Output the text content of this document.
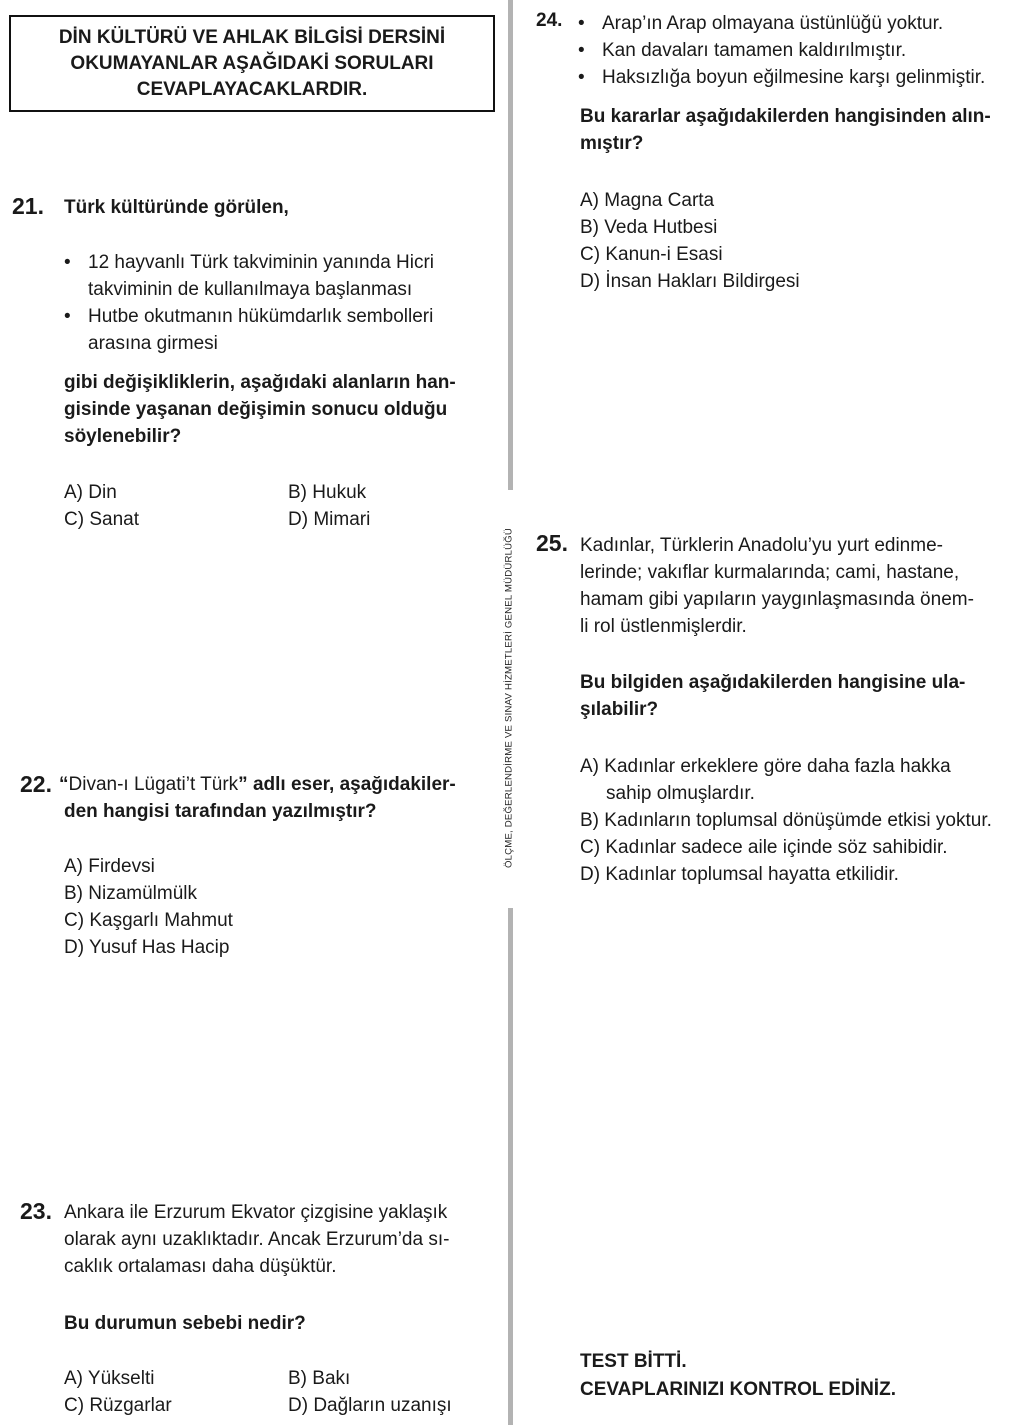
DİN KÜLTÜRÜ VE AHLAK BİLGİSİ DERSİNİ
OKUMAYANLAR AŞAĞIDAKİ SORULARI
CEVAPLAYACAKLARDIR.
ÖLÇME, DEĞERLENDİRME VE SINAV HİZMETLERİ GENEL MÜDÜRLÜĞÜ
21. Türk kültüründe görülen,
• 12 hayvanlı Türk takviminin yanında Hicri
takviminin de kullanılmaya başlanması
• Hutbe okutmanın hükümdarlık sembolleri
arasına girmesi
gibi değişikliklerin, aşağıdaki alanların han-
gisinde yaşanan değişimin sonucu olduğu
söylenebilir?
A) Din	B) Hukuk
C) Sanat	D) Mimari
22. “Divan-ı Lügati’t Türk” adlı eser, aşağıdakiler-
den hangisi tarafından yazılmıştır?
A) Firdevsi
B) Nizamülmülk
C) Kaşgarlı Mahmut
D) Yusuf Has Hacip
23. Ankara ile Erzurum Ekvator çizgisine yaklaşık
olarak aynı uzaklıktadır. Ancak Erzurum’da sı-
caklık ortalaması daha düşüktür.
Bu durumun sebebi nedir?
A) Yükselti	B) Bakı
C) Rüzgarlar	D) Dağların uzanışı
24.
•	Arap’ın Arap olmayana üstünlüğü yoktur.
• Kan davaları tamamen kaldırılmıştır.
• Haksızlığa boyun eğilmesine karşı gelinmiştir.
Bu kararlar aşağıdakilerden hangisinden alın-
mıştır?
A) Magna Carta
B) Veda Hutbesi
C) Kanun-i Esasi
D) İnsan Hakları Bildirgesi
25. Kadınlar, Türklerin Anadolu’yu yurt edinme-
lerinde; vakıflar kurmalarında; cami, hastane,
hamam gibi yapıların yaygınlaşmasında önem-
li rol üstlenmişlerdir.
Bu bilgiden aşağıdakilerden hangisine ula-
şılabilir?
A) Kadınlar erkeklere göre daha fazla hakka
sahip olmuşlardır.
B) Kadınların toplumsal dönüşümde etkisi yoktur.
C) Kadınlar sadece aile içinde söz sahibidir.
D) Kadınlar toplumsal hayatta etkilidir.
TEST BİTTİ.
CEVAPLARINIZI KONTROL EDİNİZ.
